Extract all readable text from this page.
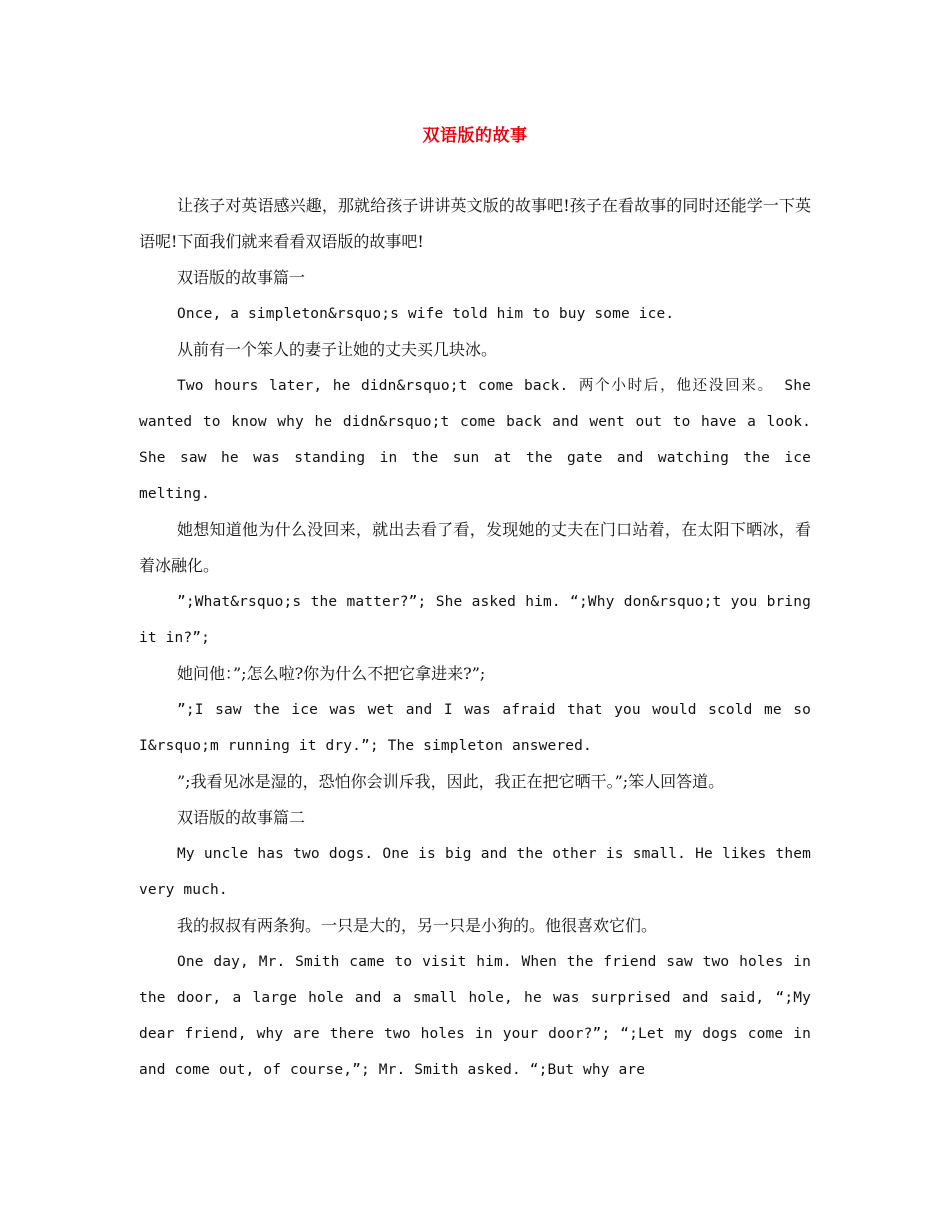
双语版的故事

让孩子对英语感兴趣，那就给孩子讲讲英文版的故事吧!孩子在看故事的同时还能学一下英语呢!下面我们就来看看双语版的故事吧!

双语版的故事篇一

Once, a simpleton&rsquo;s wife told him to buy some ice.

从前有一个笨人的妻子让她的丈夫买几块冰。

Two hours later, he didn&rsquo;t come back. 两个小时后，他还没回来。 She wanted to know why he didn&rsquo;t come back and went out to have a look. She saw he was standing in the sun at the gate and watching the ice melting.

她想知道他为什么没回来，就出去看了看，发现她的丈夫在门口站着，在太阳下晒冰，看着冰融化。

”;What&rsquo;s the matter?”; She asked him. “;Why don&rsquo;t you bring it in?”;

她问他：”;怎么啦?你为什么不把它拿进来?”;

”;I saw the ice was wet and I was afraid that you would scold me so I&rsquo;m running it dry.”; The simpleton answered.

”;我看见冰是湿的，恐怕你会训斥我，因此，我正在把它晒干。”;笨人回答道。

双语版的故事篇二

My uncle has two dogs. One is big and the other is small. He likes them very much.

我的叔叔有两条狗。一只是大的，另一只是小狗的。他很喜欢它们。

One day, Mr. Smith came to visit him. When the friend saw two holes in the door, a large hole and a small hole, he was surprised and said, “;My dear friend, why are there two holes in your door?”; “;Let my dogs come in and come out, of course,”; Mr. Smith asked. “;But why are
